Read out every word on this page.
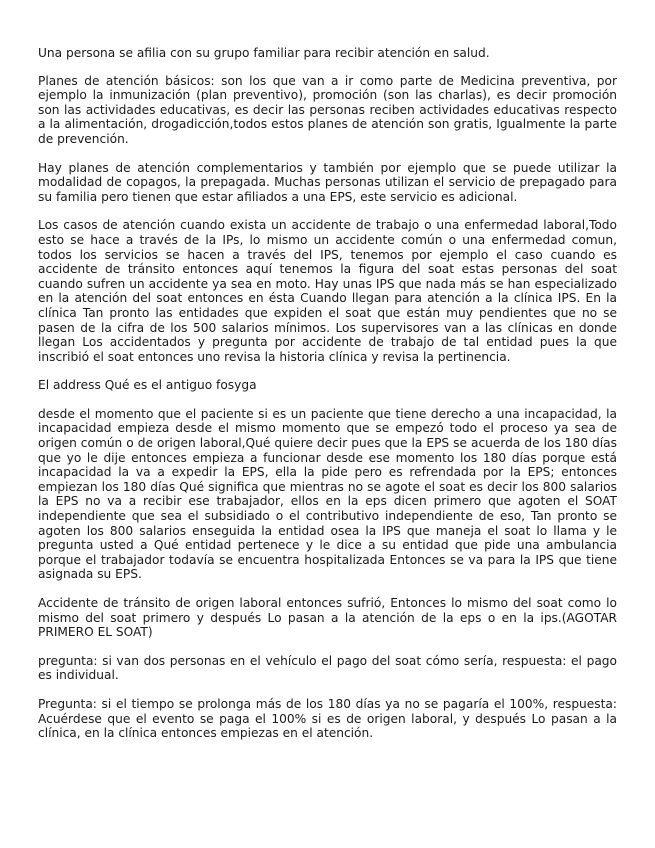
Una persona se afilia con su grupo familiar para recibir atención en salud.

Planes de atención básicos: son los que van a ir como parte de Medicina preventiva, por ejemplo la inmunización (plan preventivo), promoción (son las charlas), es decir promoción son las actividades educativas, es decir las personas reciben actividades educativas respecto a la alimentación, drogadicción,todos estos planes de atención son gratis, Igualmente la parte de prevención.

Hay planes de atención complementarios y también por ejemplo que se puede utilizar la modalidad de copagos, la prepagada. Muchas personas utilizan el servicio de prepagado para su familia pero tienen que estar afiliados a una EPS, este servicio es adicional.

Los casos de atención cuando exista un accidente de trabajo o una enfermedad laboral,Todo esto se hace a través de la IPs, lo mismo un accidente común o una enfermedad comun, todos los servicios se hacen a través del IPS, tenemos por ejemplo el caso cuando es accidente de tránsito entonces aquí tenemos la figura del soat estas personas del soat cuando sufren un accidente ya sea en moto. Hay unas IPS que nada más se han especializado en la atención del soat entonces en ésta Cuando llegan para atención a la clínica IPS. En la clínica Tan pronto las entidades que expiden el soat que están muy pendientes que no se pasen de la cifra de los 500 salarios mínimos. Los supervisores van a las clínicas en donde llegan Los accidentados y pregunta por accidente de trabajo de tal entidad pues la que inscribió el soat entonces uno revisa la historia clínica y revisa la pertinencia.

El address Qué es el antiguo fosyga

desde el momento que el paciente si es un paciente que tiene derecho a una incapacidad, la incapacidad empieza desde el mismo momento que se empezó todo el proceso ya sea de origen común o de origen laboral,Qué quiere decir pues que la EPS se acuerda de los 180 días que yo le dije entonces empieza a funcionar desde ese momento los 180 días porque está incapacidad la va a expedir la EPS, ella la pide pero es refrendada por la EPS; entonces empiezan los 180 días Qué significa que mientras no se agote el soat es decir los 800 salarios la EPS no va a recibir ese trabajador, ellos en la eps dicen primero que agoten el SOAT independiente que sea el subsidiado o el contributivo independiente de eso, Tan pronto se agoten los 800 salarios enseguida la entidad osea la IPS que maneja el soat lo llama y le pregunta usted a Qué entidad pertenece y le dice a su entidad que pide una ambulancia porque el trabajador todavía se encuentra hospitalizada Entonces se va para la IPS que tiene asignada su EPS.

Accidente de tránsito de origen laboral entonces sufrió, Entonces lo mismo del soat como lo mismo del soat primero y después Lo pasan a la atención de la eps o en la ips.(AGOTAR PRIMERO EL SOAT)

pregunta: si van dos personas en el vehículo el pago del soat cómo sería, respuesta: el pago es individual.

Pregunta: si el tiempo se prolonga más de los 180 días ya no se pagaría el 100%, respuesta: Acuérdese que el evento se paga el 100% si es de origen laboral, y después Lo pasan a la clínica, en la clínica entonces empiezas en el atención.
